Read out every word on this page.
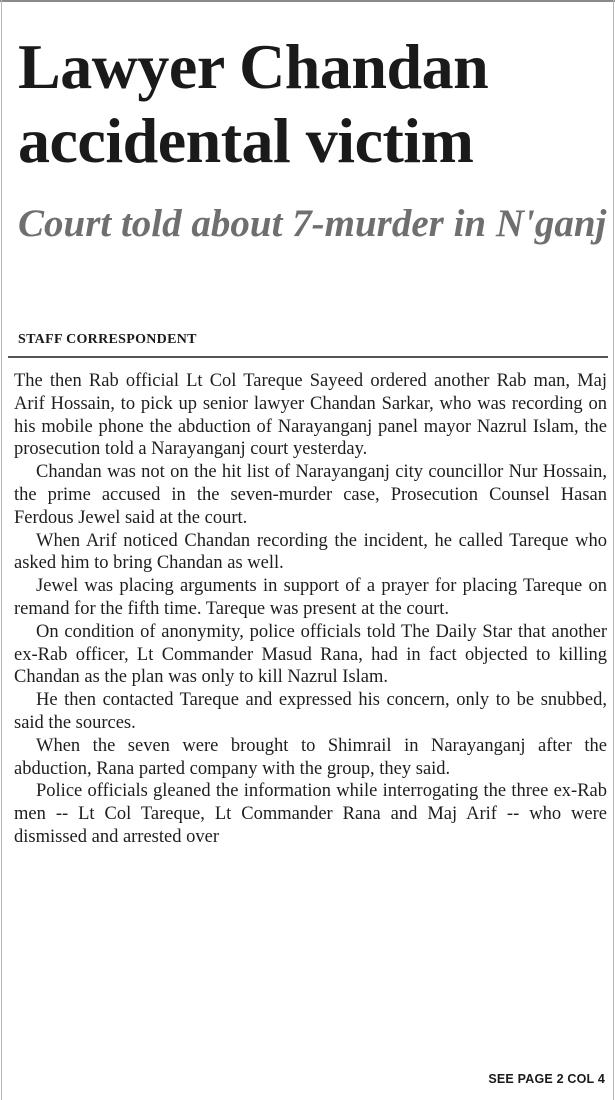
Lawyer Chandan accidental victim
Court told about 7-murder in N'ganj
STAFF CORRESPONDENT

The then Rab official Lt Col Tareque Sayeed ordered another Rab man, Maj Arif Hossain, to pick up senior lawyer Chandan Sarkar, who was recording on his mobile phone the abduction of Narayanganj panel mayor Nazrul Islam, the prosecution told a Narayanganj court yesterday.

Chandan was not on the hit list of Narayanganj city councillor Nur Hossain, the prime accused in the seven-murder case, Prosecution Counsel Hasan Ferdous Jewel said at the court.

When Arif noticed Chandan recording the incident, he called Tareque who asked him to bring Chandan as well.

Jewel was placing arguments in support of a prayer for placing Tareque on remand for the fifth time. Tareque was present at the court.

On condition of anonymity, police officials told The Daily Star that another ex-Rab officer, Lt Commander Masud Rana, had in fact objected to killing Chandan as the plan was only to kill Nazrul Islam.

He then contacted Tareque and expressed his concern, only to be snubbed, said the sources.

When the seven were brought to Shimrail in Narayanganj after the abduction, Rana parted company with the group, they said.

Police officials gleaned the information while interrogating the three ex-Rab men -- Lt Col Tareque, Lt Commander Rana and Maj Arif -- who were dismissed and arrested over

SEE PAGE 2 COL 4
